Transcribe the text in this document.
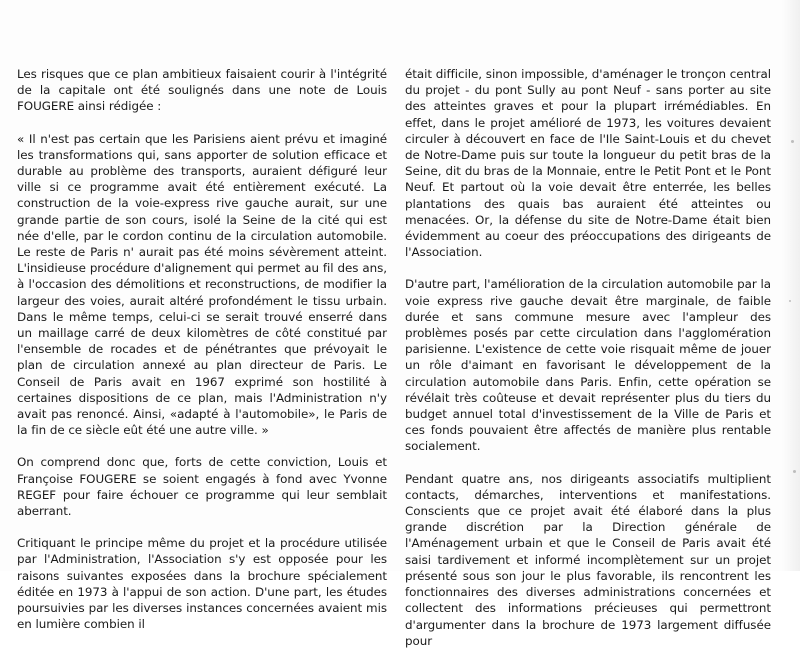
Les risques que ce plan ambitieux faisaient courir à l'intégrité de la capitale ont été soulignés dans une note de Louis FOUGERE ainsi rédigée :

« Il n'est pas certain que les Parisiens aient prévu et imaginé les transformations qui, sans apporter de solution efficace et durable au problème des transports, auraient défiguré leur ville si ce programme avait été entièrement exécuté. La construction de la voie-express rive gauche aurait, sur une grande partie de son cours, isolé la Seine de la cité qui est née d'elle, par le cordon continu de la circulation automobile. Le reste de Paris n' aurait pas été moins sévèrement atteint. L'insidieuse procédure d'alignement qui permet au fil des ans, à l'occasion des démolitions et reconstructions, de modifier la largeur des voies, aurait altéré profondément le tissu urbain. Dans le même temps, celui-ci se serait trouvé enserré dans un maillage carré de deux kilomètres de côté constitué par l'ensemble de rocades et de pénétrantes que prévoyait le plan de circulation annexé au plan directeur de Paris. Le Conseil de Paris avait en 1967 exprimé son hostilité à certaines dispositions de ce plan, mais l'Administration n'y avait pas renoncé. Ainsi, «adapté à l'automobile», le Paris de la fin de ce siècle eût été une autre ville. »

On comprend donc que, forts de cette conviction, Louis et Françoise FOUGERE se soient engagés à fond avec Yvonne REGEF pour faire échouer ce programme qui leur semblait aberrant.

Critiquant le principe même du projet et la procédure utilisée par l'Administration, l'Association s'y est opposée pour les raisons suivantes exposées dans la brochure spécialement éditée en 1973 à l'appui de son action. D'une part, les études poursuivies par les diverses instances concernées avaient mis en lumière combien il

était difficile, sinon impossible, d'aménager le tronçon central du projet - du pont Sully au pont Neuf - sans porter au site des atteintes graves et pour la plupart irrémédiables. En effet, dans le projet amélioré de 1973, les voitures devaient circuler à découvert en face de l'Ile Saint-Louis et du chevet de Notre-Dame puis sur toute la longueur du petit bras de la Seine, dit du bras de la Monnaie, entre le Petit Pont et le Pont Neuf. Et partout où la voie devait être enterrée, les belles plantations des quais bas auraient été atteintes ou menacées. Or, la défense du site de Notre-Dame était bien évidemment au coeur des préoccupations des dirigeants de l'Association.

D'autre part, l'amélioration de la circulation automobile par la voie express rive gauche devait être marginale, de faible durée et sans commune mesure avec l'ampleur des problèmes posés par cette circulation dans l'agglomération parisienne. L'existence de cette voie risquait même de jouer un rôle d'aimant en favorisant le développement de la circulation automobile dans Paris. Enfin, cette opération se révélait très coûteuse et devait représenter plus du tiers du budget annuel total d'investissement de la Ville de Paris et ces fonds pouvaient être affectés de manière plus rentable socialement.

Pendant quatre ans, nos dirigeants associatifs multiplient contacts, démarches, interventions et manifestations. Conscients que ce projet avait été élaboré dans la plus grande discrétion par la Direction générale de l'Aménagement urbain et que le Conseil de Paris avait été saisi tardivement et informé incomplètement sur un projet présenté sous son jour le plus favorable, ils rencontrent les fonctionnaires des diverses administrations concernées et collectent des informations précieuses qui permettront d'argumenter dans la brochure de 1973 largement diffusée pour
